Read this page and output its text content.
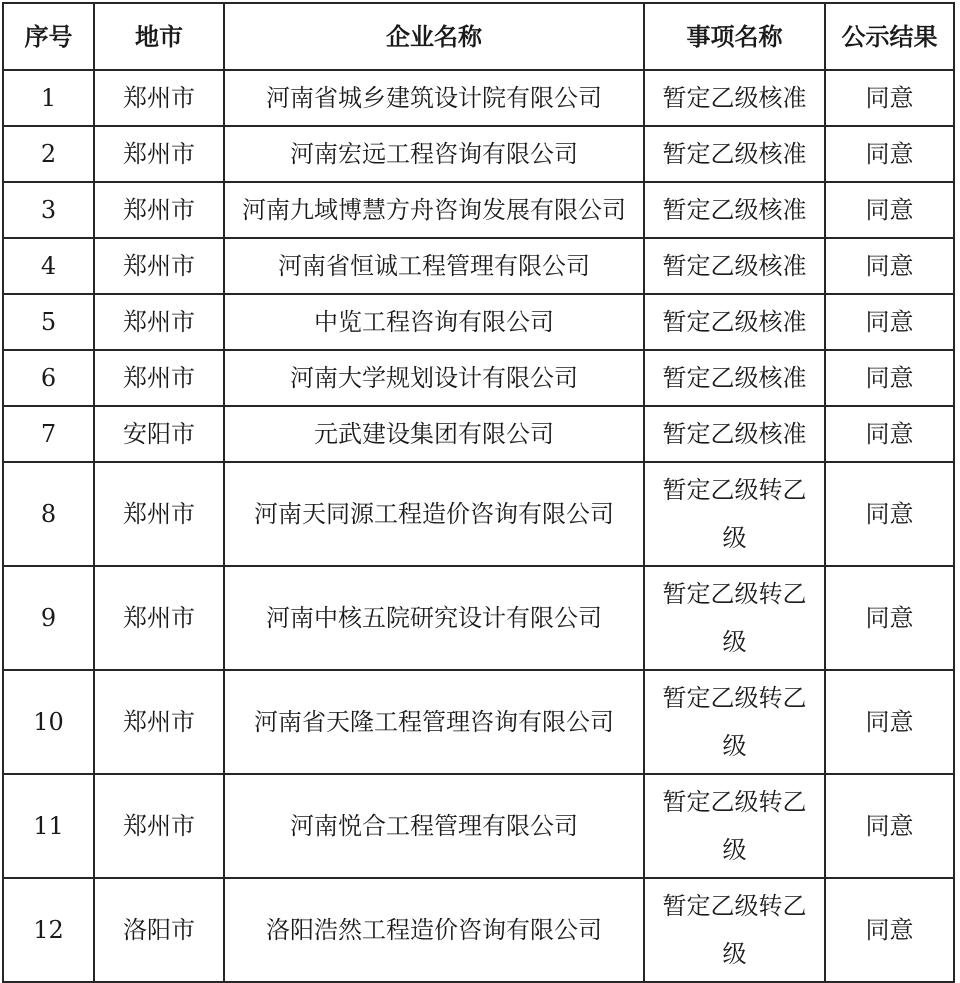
序号	地市	企业名称	事项名称	公示结果
1	郑州市	河南省城乡建筑设计院有限公司	暂定乙级核准	同意
2	郑州市	河南宏远工程咨询有限公司	暂定乙级核准	同意
3	郑州市	河南九域博慧方舟咨询发展有限公司	暂定乙级核准	同意
4	郑州市	河南省恒诚工程管理有限公司	暂定乙级核准	同意
5	郑州市	中览工程咨询有限公司	暂定乙级核准	同意
6	郑州市	河南大学规划设计有限公司	暂定乙级核准	同意
7	安阳市	元武建设集团有限公司	暂定乙级核准	同意
8	郑州市	河南天同源工程造价咨询有限公司	暂定乙级转乙级	同意
9	郑州市	河南中核五院研究设计有限公司	暂定乙级转乙级	同意
10	郑州市	河南省天隆工程管理咨询有限公司	暂定乙级转乙级	同意
11	郑州市	河南悦合工程管理有限公司	暂定乙级转乙级	同意
12	洛阳市	洛阳浩然工程造价咨询有限公司	暂定乙级转乙级	同意
